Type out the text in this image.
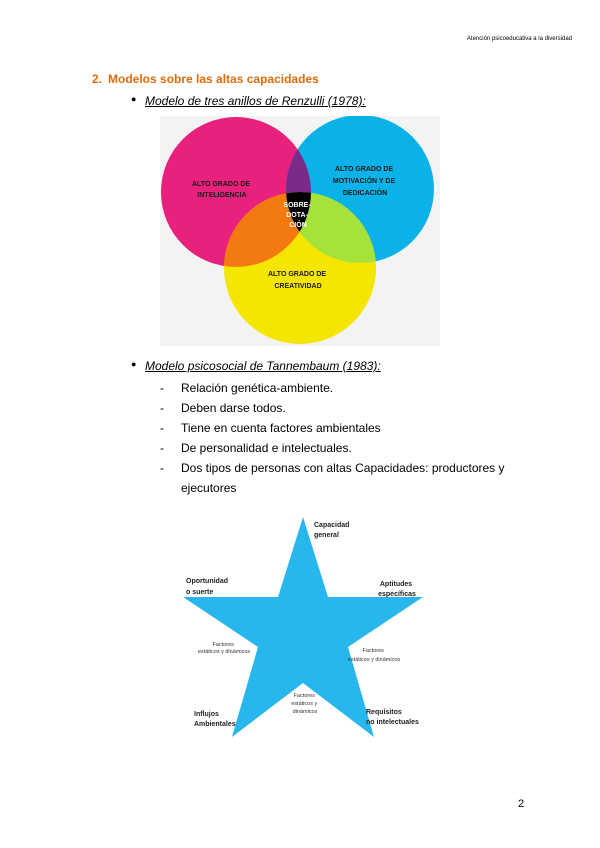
Atención psicoeducativa a la diversidad
2. Modelos sobre las altas capacidades
● Modelo de tres anillos de Renzulli (1978):
ALTO GRADO DE INTELIGENCIA
ALTO GRADO DE MOTIVACIÓN Y DE DEDICACIÓN
ALTO GRADO DE CREATIVIDAD
SOBRE- DOTA- CIÓN
● Modelo psicosocial de Tannembaum (1983):
- Relación genética-ambiente.
- Deben darse todos.
- Tiene en cuenta factores ambientales
- De personalidad e intelectuales.
- Dos tipos de personas con altas Capacidades: productores y ejecutores
Capacidad general
Aptitudes específicas
Requisitos no intelectuales
Influjos Ambientales
Oportunidad o suerte
Factores estáticos y dinámicos	Factores estáticos y dinámicos
Factores estáticos y dinámicos
2
